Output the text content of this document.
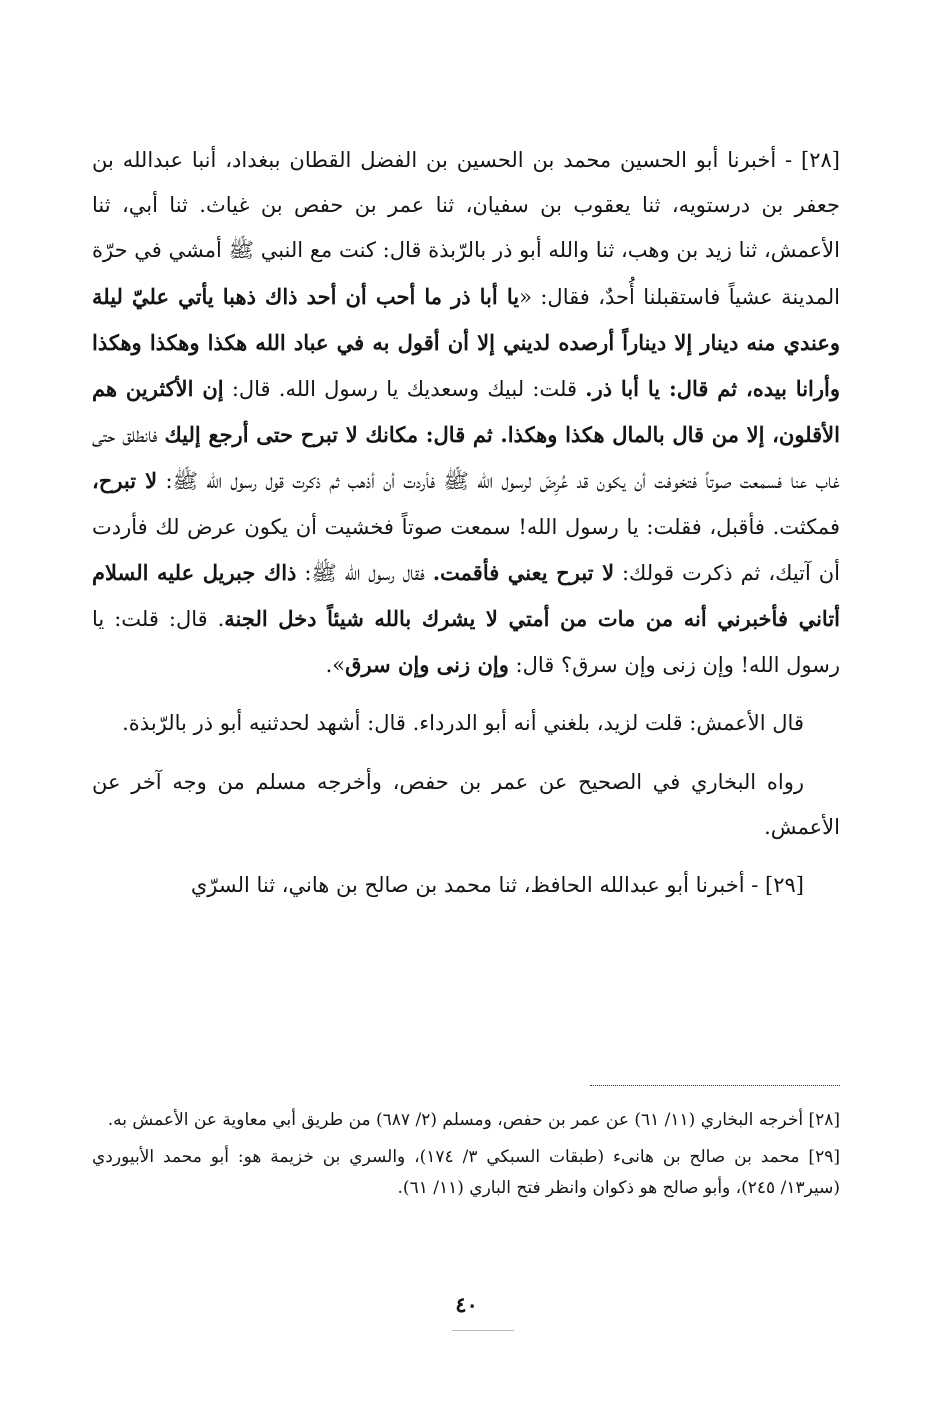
[٢٨] - أخبرنا أبو الحسين محمد بن الحسين بن الفضل القطان ببغداد، أنبا عبدالله بن جعفر بن درستويه، ثنا يعقوب بن سفيان، ثنا عمر بن حفص بن غياث. ثنا أبي، ثنا الأعمش، ثنا زيد بن وهب، ثنا والله أبو ذر بالرّبذة قال: كنت مع النبي ﷺ أمشي في حرّة المدينة عشياً فاستقبلنا أُحدٌ، فقال: «يا أبا ذر ما أحب أن أحد ذاك ذهبا يأتي عليّ ليلة وعندي منه دينار إلا ديناراً أرصده لديني إلا أن أقول به في عباد الله هكذا وهكذا وهكذا وأرانا بيده، ثم قال: يا أبا ذر. قلت: لبيك وسعديك يا رسول الله. قال: إن الأكثرين هم الأقلون، إلا من قال بالمال هكذا وهكذا. ثم قال: مكانك لا تبرح حتى أرجع إليك فانطلق حتى غاب عنا فسمعت صوتاً فتخوفت أن يكون قد عُرِضَ لرسول الله ﷺ فأردت أن أذهب ثم ذكرت قول رسول الله ﷺ: لا تبرح، فمكثت. فأقبل، فقلت: يا رسول الله! سمعت صوتاً فخشيت أن يكون عرض لك فأردت أن آتيك، ثم ذكرت قولك: لا تبرح يعني فأقمت. فقال رسول الله ﷺ: ذاك جبريل عليه السلام أتاني فأخبرني أنه من مات من أمتي لا يشرك بالله شيئاً دخل الجنة. قال: قلت: يا رسول الله! وإن زنى وإن سرق؟ قال: وإن زنى وإن سرق».

قال الأعمش: قلت لزيد، بلغني أنه أبو الدرداء. قال: أشهد لحدثنيه أبو ذر بالرّبذة.

رواه البخاري في الصحيح عن عمر بن حفص، وأخرجه مسلم من وجه آخر عن الأعمش.

[٢٩] - أخبرنا أبو عبدالله الحافظ، ثنا محمد بن صالح بن هاني، ثنا السرّي

[٢٨] أخرجه البخاري (١١/ ٦١) عن عمر بن حفص، ومسلم (٢/ ٦٨٧) من طريق أبي معاوية عن الأعمش به.

[٢٩] محمد بن صالح بن هانىء (طبقات السبكي ٣/ ١٧٤)، والسري بن خزيمة هو: أبو محمد الأبيوردي (سير١٣/ ٢٤٥)، وأبو صالح هو ذكوان وانظر فتح الباري (١١/ ٦١).

٤٠
